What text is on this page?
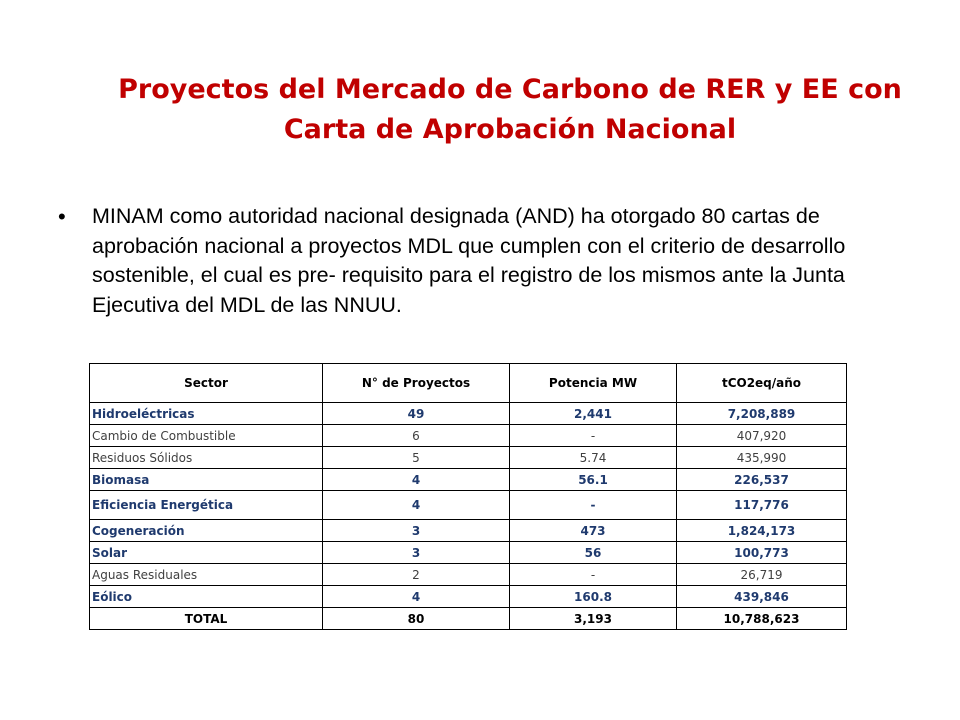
Proyectos del Mercado de Carbono de RER y EE con
Carta de Aprobación Nacional
•	MINAM como autoridad nacional designada (AND) ha otorgado 80 cartas de aprobación nacional a proyectos MDL que cumplen con el criterio de desarrollo sostenible, el cual es pre- requisito para el registro de los mismos ante la Junta Ejecutiva del MDL de las NNUU.
Sector	N° de Proyectos	Potencia MW	tCO2eq/año
Hidroeléctricas	49	2,441	7,208,889
Cambio de Combustible	6	-	407,920
Residuos Sólidos	5	5.74	435,990
Biomasa	4	56.1	226,537
Eficiencia Energética	4	-	117,776
Cogeneración	3	473	1,824,173
Solar	3	56	100,773
Aguas Residuales	2	-	26,719
Eólico	4	160.8	439,846
TOTAL	80	3,193	10,788,623
